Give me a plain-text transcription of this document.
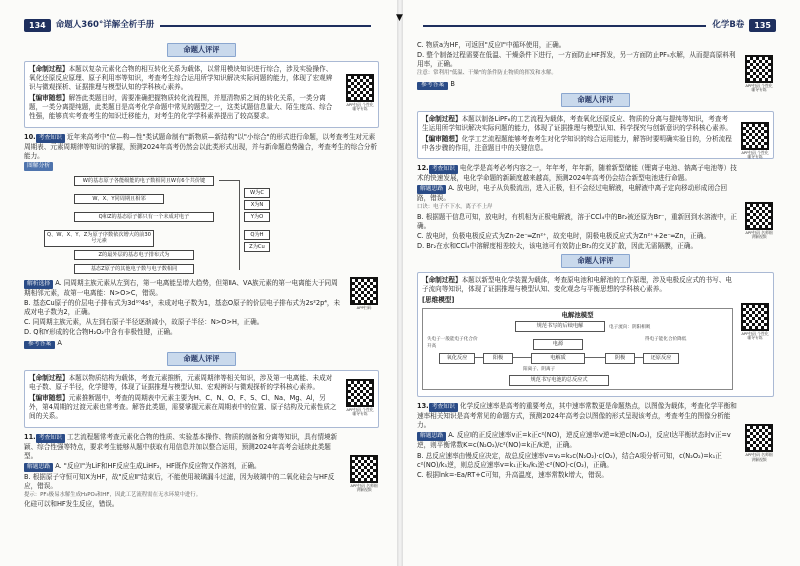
▼
134	命题人360°详解全析手册
命题人评评

【命制过程】本题以复杂元素化合物的相互转化关系为载体，以常用模块知识进行综合，涉及实验操作、氧化还原反应原理、原子利用率等知识，考查考生综合运用所学知识解决实际问题的能力，体现了宏观辨识与微观探析、证据推理与模型认知的学科核心素养。

【编审随想】解答此类题目时，需要准确把握物质转化流程图，并厘清物质之间的转化关系，一类分离题，一类分离提纯题，此类题目是高考化学命题中常见的题型之一，这类试题信息量大、陌生度高、综合性强，能够真实考查考生的知识迁移能力，对考生的化学学科素养提出了较高要求。

APP扫码 个性化辅导专练

10. 考查知识 近年来高考中"位—构—性"类试题命制有"新物质—新结构"以"小综合"的形式进行命题，以考查考生对元素周期表、元素周期律等知识的掌握，预测2024年高考仍然会以此类形式出现，并与新命题趋势融合，考查考生的综合分析能力。

图解分析
W的基态原子各能级能的电子数相同且W有6个共价键
W、X、Y同周期且相邻
Q和Z的基态原子都只有一个未成对电子
Q、W、X、Y、Z为原子序数依次增大的前30号元素
Z的最外层的基态电子排布式为
基态Z原子的其他电子数与电子数相同
W为C
X为N
Y为O
Q为H
Z为Cu

解析选择 A. 同周期主族元素从左到右，第一电离能呈增大趋势，但第ⅡA、ⅤA族元素的第一电离能大于同周期相邻元素，故第一电离能：N>O>C，错误。

B. 基态Cu原子的价层电子排布式为3d¹⁰4s¹，未成对电子数为1，基态O原子的价层电子排布式为2s²2p⁴，未成对电子数为2，正确。

C. 同周期主族元素，从左到右原子半径逐渐减小，故原子半径：N>O>H，正确。

D. Q和Y形成的化合物H₂O₂中含有非极性键，正确。

APP扫码

参考答案 A

命题人评评

【命制过程】本题以物质结构为载体，考查元素推断，元素周期律等相关知识，涉及第一电离能、未成对电子数、原子半径，化学键等，体现了证据推理与模型认知、宏观辨识与微观探析的学科核心素养。

【编审随想】元素推断题中，考查的周期表中元素主要为H、C、N、O、F、S、Cl、Na、Mg、Al，另外，第4周期的过渡元素也常考查。解答此类题，需要掌握元素在周期表中的位置、原子结构及元素性质之间的关系。

APP扫码 个性化辅导专练

11. 考查知识 工艺流程题常考查元素化合物的性质、实验基本操作、物质的制备和分离等知识，具有情境新颖、综合性强等特点，要求考生能够从题中获取有用信息并加以整合运用，预测2024年高考会延续此类题型。

解题思路 A. "反应Ⅰ"为LiF和HF反应生成LiHF₂，HF既作反应物又作溶剂，正确。

B. 根据原子守恒可知X为HF，故"反应Ⅱ"结束后，不能使用玻璃漏斗过滤，因为玻璃中的二氧化硅会与HF反应，错误。

提示：PF₅极易水解生成H₃PO₄和HF，因此工艺流程需在无水环境中进行。

化硅可以和HF发生反应，错误。

APP扫码 名师细讲解视频
化学B卷	135

C. 物质a为HF，可返回"反应Ⅰ"中循环使用，正确。

D. 整个制备过程需要在低温、干燥条件下进行，一方面防止HF挥发，另一方面防止PF₅水解，从而提高原料利用率，正确。

注意：常利用"低温、干燥"的条件防止物质的挥发和水解。

参考答案 B	APP扫码 个性化辅导专练
命题人评评

【命制过程】本题以制备LiPF₆的工艺流程为载体，考查氧化还原反应、物质的分离与提纯等知识，考查考生运用所学知识解决实际问题的能力，体现了证据推理与模型认知、科学探究与创新意识的学科核心素养。

【编审随想】化学工艺流程题能够考查考生对化学知识的综合运用能力，解答时要明确实验目的，分析流程中各步骤的作用，注意题目中的关键信息。

APP扫码 个性化辅导专练

12. 考查知识 电化学是高考必考内容之一，年年考，年年新，随着新型储能（锂离子电池、钠离子电池等）技术的快速发展，电化学命题的新颖度越来越高，预测2024年高考仍会结合新型电池进行命题。

解题思路 A. 放电时，电子从负极流出，进入正极，但不会经过电解液，电解液中离子定向移动形成闭合回路，错误。

口诀：电子不下水，离子不上岸

B. 根据题干信息可知，放电时，有机相为正极电解液，溶于CCl₄中的Br₂被还原为Br⁻，重新回到水溶液中，正确。

C. 放电时，负极电极反应式为Zn-2e⁻═Zn²⁺，故充电时，阴极电极反应式为Zn²⁺+2e⁻═Zn，正确。

D. Br₂在水和CCl₄中溶解度相差较大，该电池可有效防止Br₂的交叉扩散，因此无需隔膜，正确。

APP扫码 名师细讲解视频
命题人评评

【命制过程】本题以新型电化学装置为载体，考查原电池和电解池的工作原理，涉及电极反应式的书写、电子流向等知识，体现了证据推理与模型认知、变化观念与平衡思想的学科核心素养。

[思维模型]

电解池模型
规范书写的后续电解
电源
阳极	阴极
电解质
氧化反应	还原反应
阳离子、阴离子
规范书写电池的总反应式
失电子一般能电子化合价升高
得电子能化合价降低
电子流向：阴阳相吸
APP扫码 个性化辅导专练

13. 考查知识 化学反应速率是高考的重要考点，其中速率常数更是命题热点，以图像为载体，考查化学平衡和速率相关知识是高考常见的命题方式，预测2024年高考会以图像的形式呈现该考点，考查考生的图像分析能力。

解题思路 A. 反应Ⅰ的正反应速率v正=k正c²(NO)，逆反应速率v逆=k逆c(N₂O₂)，反应Ⅰ达平衡状态时v正=v逆，则平衡常数K=c(N₂O₂)/c²(NO)=k正/k逆，正确。

B. 总反应速率由慢反应决定，故总反应速率v=v₂=k₂c(N₂O₂)·c(O₂)，结合A项分析可知，c(N₂O₂)=k₁正c²(NO)/k₁逆，则总反应速率v=k₁正k₂/k₁逆·c²(NO)·c(O₂)，正确。

C. 根据lnk=-Ea/RT+C可知，升高温度，速率常数k增大，错误。

APP扫码 名师细讲解视频
